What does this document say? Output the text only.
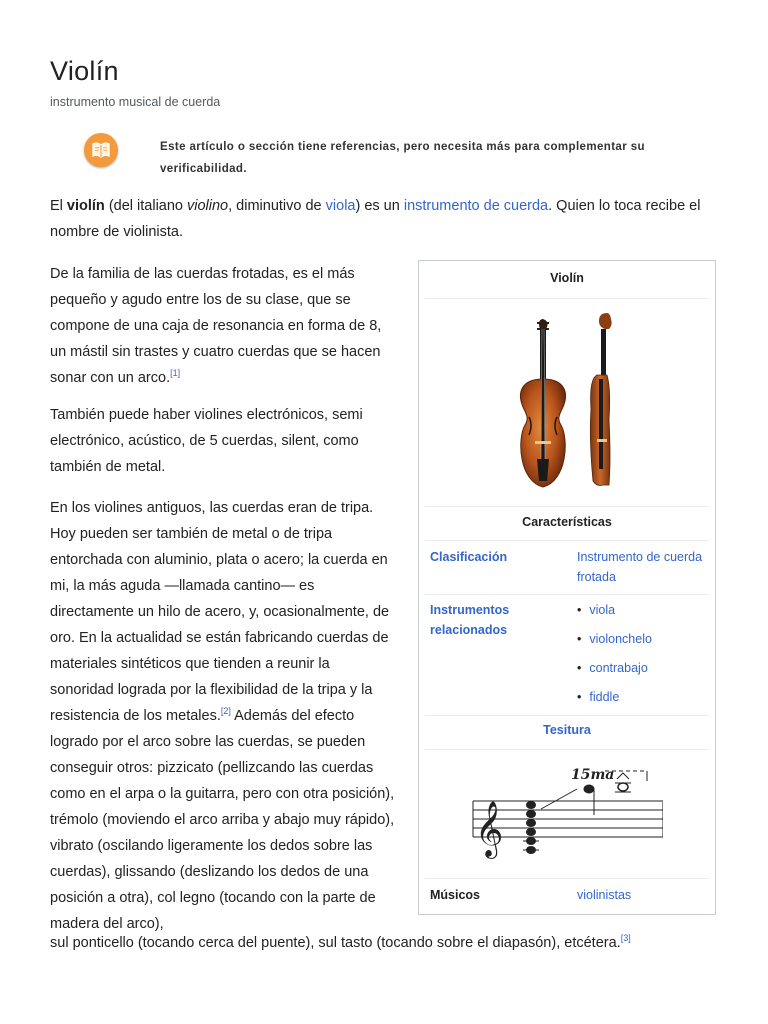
Violín
instrumento musical de cuerda
Este artículo o sección tiene referencias, pero necesita más para complementar su verificabilidad.

El violín (del italiano violino, diminutivo de viola) es un instrumento de cuerda. Quien lo toca recibe el nombre de violinista.

De la familia de las cuerdas frotadas, es el más pequeño y agudo entre los de su clase, que se compone de una caja de resonancia en forma de 8, un mástil sin trastes y cuatro cuerdas que se hacen sonar con un arco.[1]

También puede haber violines electrónicos, semi electrónico, acústico, de 5 cuerdas, silent, como también de metal.

En los violines antiguos, las cuerdas eran de tripa. Hoy pueden ser también de metal o de tripa entorchada con aluminio, plata o acero; la cuerda en mi, la más aguda —llamada cantino— es directamente un hilo de acero, y, ocasionalmente, de oro. En la actualidad se están fabricando cuerdas de materiales sintéticos que tienden a reunir la sonoridad lograda por la flexibilidad de la tripa y la resistencia de los metales.[2] Además del efecto logrado por el arco sobre las cuerdas, se pueden conseguir otros: pizzicato (pellizcando las cuerdas como en el arpa o la guitarra, pero con otra posición), trémolo (moviendo el arco arriba y abajo muy rápido), vibrato (oscilando ligeramente los dedos sobre las cuerdas), glissando (deslizando los dedos de una posición a otra), col legno (tocando con la parte de madera del arco),

sul ponticello (tocando cerca del puente), sul tasto (tocando sobre el diapasón), etcétera.[3]

Violín
Características
Clasificación	Instrumento de cuerda frotada
Instrumentos relacionados
• viola
• violonchelo
• contrabajo
• fiddle
Tesitura
𝄞
15ma
Músicos	violinistas
